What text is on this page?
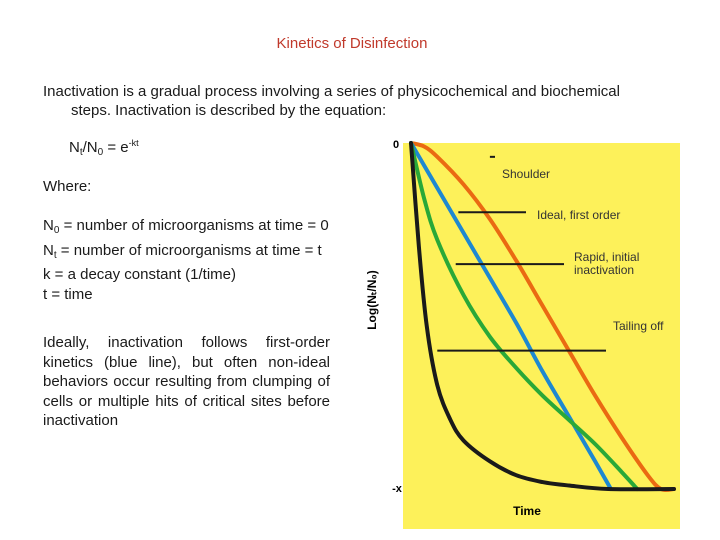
Kinetics of Disinfection
Inactivation is a gradual process involving a series of physicochemical and biochemical
steps. Inactivation is described by the equation:
$N_t/N_0 = e^{-kt}$
Where:
$N_0$ = number of microorganisms at time = 0
$N_t$ = number of microorganisms at time = t
k = a decay constant (1/time)
t = time
Ideally, inactivation follows first-order kinetics (blue line), but often non-ideal behaviors occur resulting from clumping of cells or multiple hits of critical sites before inactivation
Shoulder
Ideal, first order
Rapid, initial
inactivation
Tailing off
0
-x
Time
Log(Nₜ/N₀)
